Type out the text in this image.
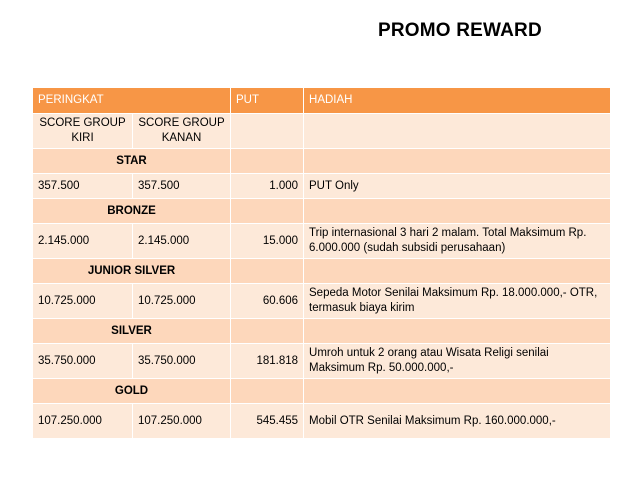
PROMO REWARD
PERINGKAT		PUT	HADIAH
SCORE GROUP KIRI	SCORE GROUP KANAN		
STAR			
357.500	357.500	1.000	PUT Only
BRONZE			
2.145.000	2.145.000	15.000	Trip internasional 3 hari 2 malam. Total Maksimum Rp. 6.000.000 (sudah subsidi perusahaan)
JUNIOR SILVER			
10.725.000	10.725.000	60.606	Sepeda Motor Senilai Maksimum Rp. 18.000.000,- OTR, termasuk biaya kirim
SILVER			
35.750.000	35.750.000	181.818	Umroh untuk 2 orang atau Wisata Religi senilai Maksimum Rp. 50.000.000,-
GOLD			
107.250.000	107.250.000	545.455	Mobil OTR Senilai Maksimum Rp. 160.000.000,-
